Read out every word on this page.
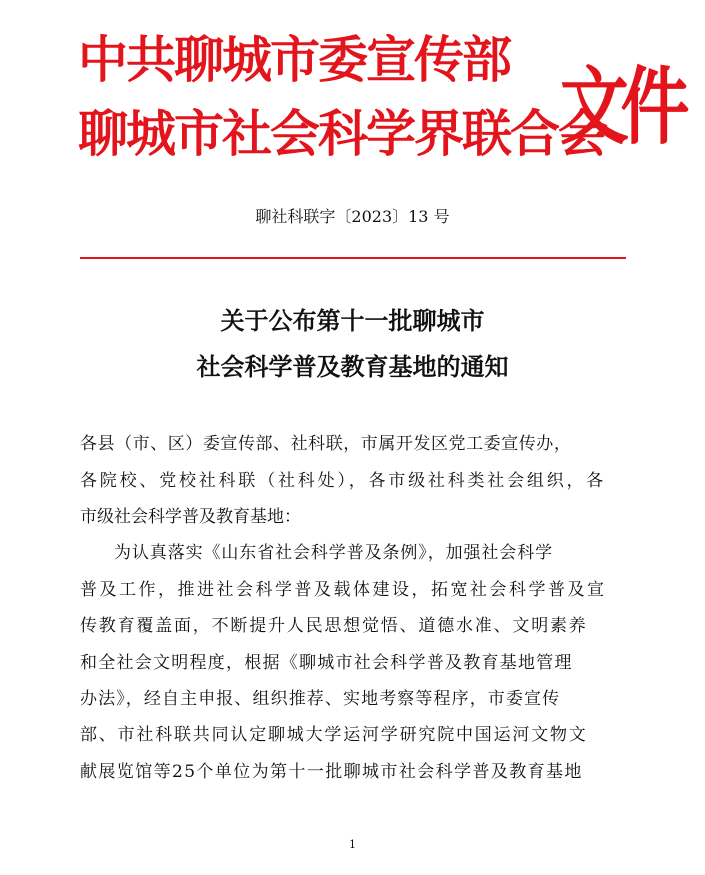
中共聊城市委宣传部
聊城市社会科学界联合会
文件
聊社科联字〔2023〕13 号
关于公布第十一批聊城市
社会科学普及教育基地的通知
各县（市、区）委宣传部、社科联，市属开发区党工委宣传办，
各院校、党校社科联（社科处），各市级社科类社会组织，各
市级社会科学普及教育基地：
为认真落实《山东省社会科学普及条例》，加强社会科学
普及工作，推进社会科学普及载体建设，拓宽社会科学普及宣
传教育覆盖面，不断提升人民思想觉悟、道德水准、文明素养
和全社会文明程度，根据《聊城市社会科学普及教育基地管理
办法》，经自主申报、组织推荐、实地考察等程序，市委宣传
部、市社科联共同认定聊城大学运河学研究院中国运河文物文
献展览馆等25个单位为第十一批聊城市社会科学普及教育基地
1
